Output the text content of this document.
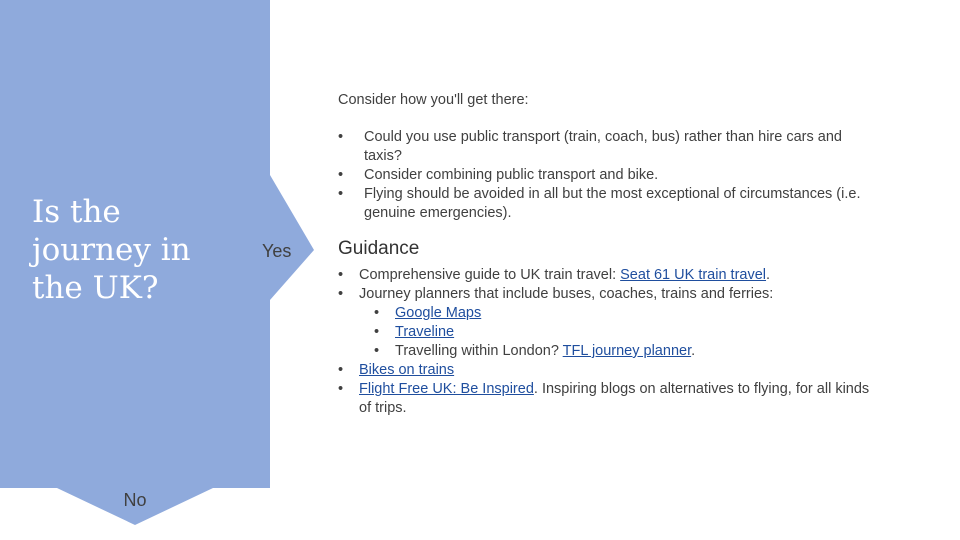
Is the journey in the UK?
Yes
No

Consider how you'll get there:

• Could you use public transport (train, coach, bus) rather than hire cars and taxis?
• Consider combining public transport and bike.
• Flying should be avoided in all but the most exceptional of circumstances (i.e. genuine emergencies).
Guidance
• Comprehensive guide to UK train travel: Seat 61 UK train travel.
• Journey planners that include buses, coaches, trains and ferries:
• Google Maps
• Traveline
• Travelling within London? TFL journey planner.
• Bikes on trains
• Flight Free UK: Be Inspired. Inspiring blogs on alternatives to flying, for all kinds of trips.
